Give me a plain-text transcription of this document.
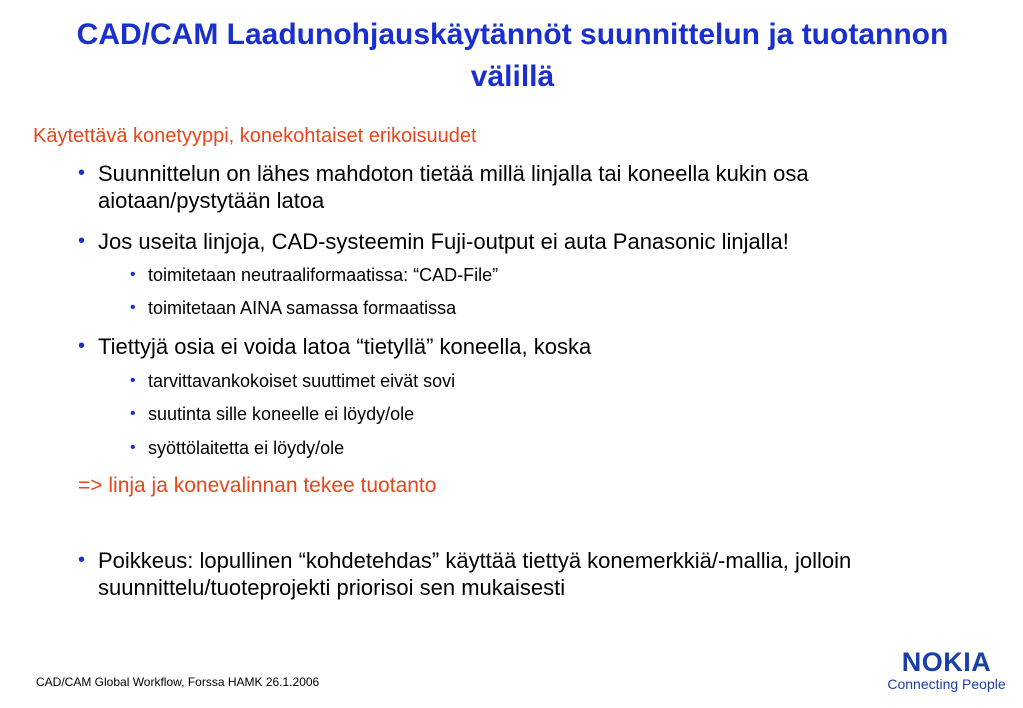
CAD/CAM Laadunohjauskäytännöt suunnittelun ja tuotannon välillä
Käytettävä konetyyppi, konekohtaiset erikoisuudet
• Suunnittelun on lähes mahdoton tietää millä linjalla tai koneella kukin osa aiotaan/pystytään latoa
• Jos useita linjoja, CAD-systeemin Fuji-output ei auta Panasonic linjalla!
• toimitetaan neutraaliformaatissa: “CAD-File”
• toimitetaan AINA samassa formaatissa
• Tiettyjä osia ei voida latoa “tietyllä” koneella, koska
• tarvittavankokoiset suuttimet eivät sovi
• suutinta sille koneelle ei löydy/ole
• syöttölaitetta ei löydy/ole
=> linja ja konevalinnan tekee tuotanto
• Poikkeus: lopullinen “kohdetehdas” käyttää tiettyä konemerkkiä/-mallia, jolloin suunnittelu/tuoteprojekti priorisoi sen mukaisesti
CAD/CAM Global Workflow, Forssa HAMK 26.1.2006
NOKIA
Connecting People
